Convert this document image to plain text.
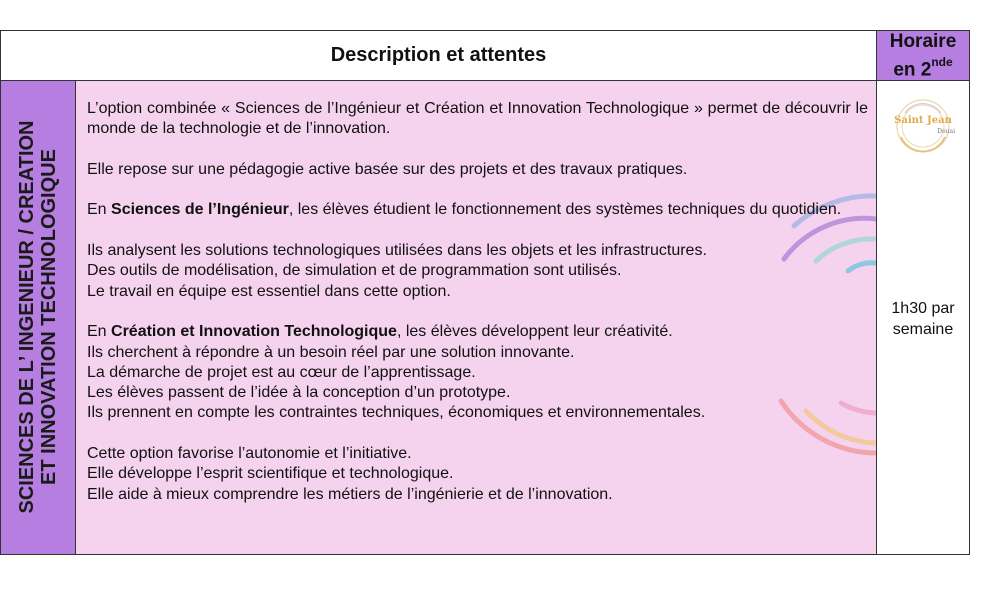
Description et attentes
Horaire
en 2nde
SCIENCES DE L’ INGENIEUR / CREATION ET INNOVATION TECHNOLOGIQUE

L’option combinée « Sciences de l’Ingénieur et Création et Innovation Technologique » permet de découvrir le monde de la technologie et de l’innovation.

Elle repose sur une pédagogie active basée sur des projets et des travaux pratiques.

En Sciences de l’Ingénieur, les élèves étudient le fonctionnement des systèmes techniques du quotidien.

Ils analysent les solutions technologiques utilisées dans les objets et les infrastructures.
Des outils de modélisation, de simulation et de programmation sont utilisés.
Le travail en équipe est essentiel dans cette option.

En Création et Innovation Technologique, les élèves développent leur créativité.
Ils cherchent à répondre à un besoin réel par une solution innovante.
La démarche de projet est au cœur de l’apprentissage.
Les élèves passent de l’idée à la conception d’un prototype.
Ils prennent en compte les contraintes techniques, économiques et environnementales.

Cette option favorise l’autonomie et l’initiative.
Elle développe l’esprit scientifique et technologique.
Elle aide à mieux comprendre les métiers de l’ingénierie et de l’innovation.

Saint Jean
Douai
1h30 par
semaine
